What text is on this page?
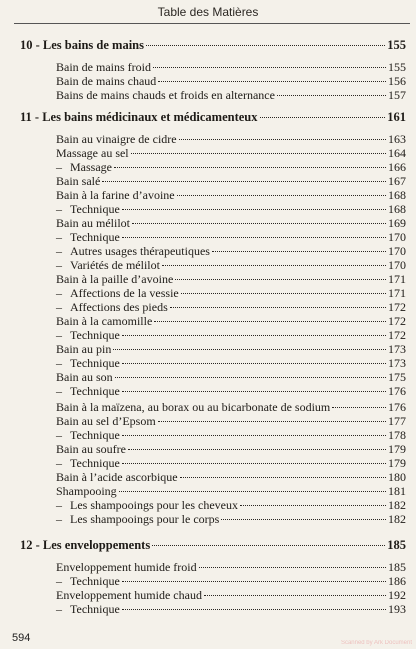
Table des Matières
10 - Les bains de mains	155
Bain de mains froid	155
Bain de mains chaud	156
Bains de mains chauds et froids en alternance	157
11 - Les bains médicinaux et médicamenteux	161
Bain au vinaigre de cidre	163
Massage au sel	164
– Massage	166
Bain salé	167
Bain à la farine d’avoine	168
– Technique	168
Bain au mélilot	169
– Technique	170
– Autres usages thérapeutiques	170
– Variétés de mélilot	170
Bain à la paille d’avoine	171
– Affections de la vessie	171
– Affections des pieds	172
Bain à la camomille	172
– Technique	172
Bain au pin	173
– Technique	173
Bain au son	175
– Technique	176
Bain à la maïzena, au borax ou au bicarbonate de sodium	176
Bain au sel d’Epsom	177
– Technique	178
Bain au soufre	179
– Technique	179
Bain à l’acide ascorbique	180
Shampooing	181
– Les shampooings pour les cheveux	182
– Les shampooings pour le corps	182
12 - Les enveloppements	185
Enveloppement humide froid	185
– Technique	186
Enveloppement humide chaud	192
– Technique	193
594	Scanned by Ark Document
